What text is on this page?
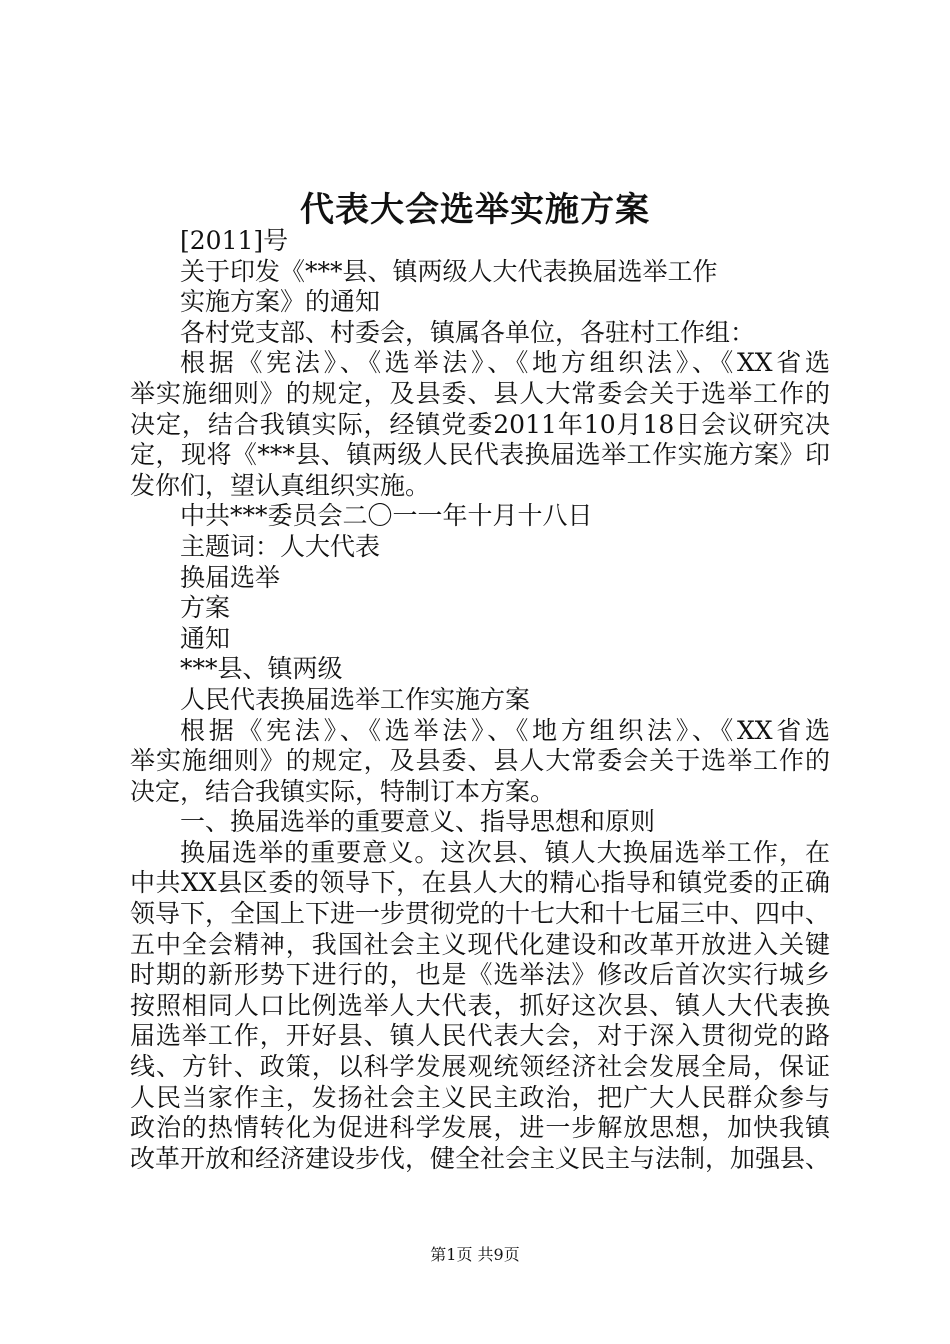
代表大会选举实施方案
[2011]号
关于印发《***县、镇两级人大代表换届选举工作
实施方案》的通知
各村党支部、村委会，镇属各单位，各驻村工作组：
根据《宪法》、《选举法》、《地方组织法》、《XX省选
举实施细则》的规定，及县委、县人大常委会关于选举工作的
决定，结合我镇实际，经镇党委2011年10月18日会议研究决
定，现将《***县、镇两级人民代表换届选举工作实施方案》印
发你们，望认真组织实施。
中共***委员会二〇一一年十月十八日
主题词：人大代表
换届选举
方案
通知
***县、镇两级
人民代表换届选举工作实施方案
根据《宪法》、《选举法》、《地方组织法》、《XX省选
举实施细则》的规定，及县委、县人大常委会关于选举工作的
决定，结合我镇实际，特制订本方案。
一、换届选举的重要意义、指导思想和原则
换届选举的重要意义。这次县、镇人大换届选举工作，在
中共XX县区委的领导下，在县人大的精心指导和镇党委的正确
领导下，全国上下进一步贯彻党的十七大和十七届三中、四中、
五中全会精神，我国社会主义现代化建设和改革开放进入关键
时期的新形势下进行的，也是《选举法》修改后首次实行城乡
按照相同人口比例选举人大代表，抓好这次县、镇人大代表换
届选举工作，开好县、镇人民代表大会，对于深入贯彻党的路
线、方针、政策，以科学发展观统领经济社会发展全局，保证
人民当家作主，发扬社会主义民主政治，把广大人民群众参与
政治的热情转化为促进科学发展，进一步解放思想，加快我镇
改革开放和经济建设步伐，健全社会主义民主与法制，加强县、
第1页 共9页
